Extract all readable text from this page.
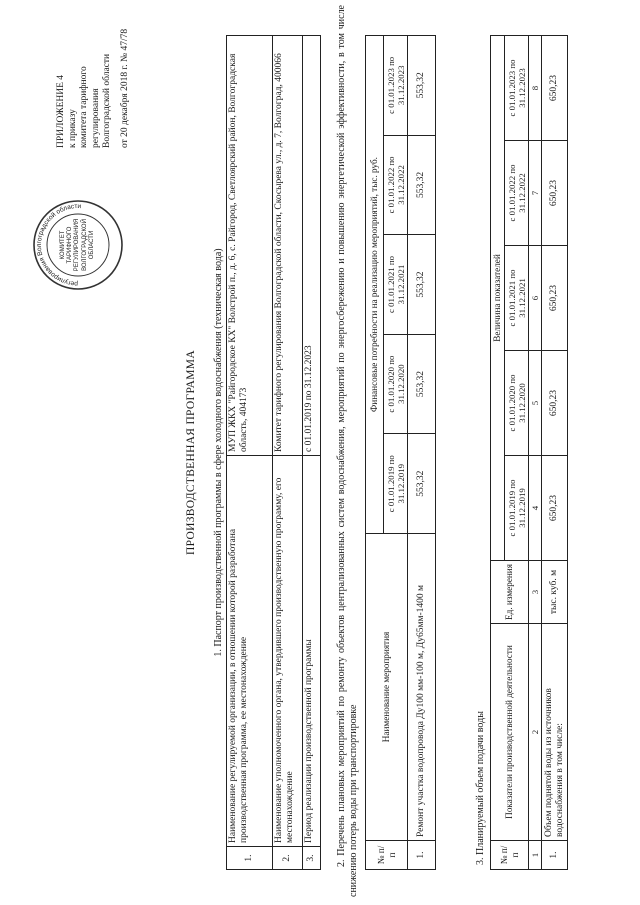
ПРИЛОЖЕНИЕ 4 к приказу комитета тарифного регулирования Волгоградской области от 20 декабря 2018 г. № 47/78
регулирования Волгоградской области
КОМИТЕТ ТАРИФНОГО РЕГУЛИРОВАНИЯ ВОЛГОГРАДСКОЙ ОБЛАСТИ
ПРОИЗВОДСТВЕННАЯ ПРОГРАММА 1. Паспорт производственной программы в сфере холодного водоснабжения (техническая вода)
1.	Наименование регулируемой организации, в отношении которой разработана производственная программа, ее местонахождение	МУП ЖКХ "Райгородское КХ" Волстрой п., д. 6, с. Райгород, Светлоярский район, Волгоградская область, 404173
2.	Наименование уполномоченного органа, утвердившего производственную программу, его местонахождение	Комитет тарифного регулирования Волгоградской области, Скосырева ул., д. 7, Волгоград, 400066
3.	Период реализации производственной программы	с 01.01.2019 по 31.12.2023 2. Перечень плановых мероприятий по ремонту объектов централизованных систем водоснабжения, мероприятий по энергосбережению и повышению энергетической эффективности, в том числе снижению потерь воды при транспортировке № п/п	Наименование мероприятия	Финансовые потребности на реализацию мероприятий, тыс. руб.				
		с 01.01.2019 по 31.12.2019	с 01.01.2020 по 31.12.2020	с 01.01.2021 по 31.12.2021	с 01.01.2022 по 31.12.2022	с 01.01.2023 по 31.12.2023
1.	Ремонт участка водопровода Ду100 мм-100 м, Ду65мм-1400 м	553,32	553,32	553,32	553,32	553,32
3. Планируемый объем подачи воды № п/п	Показатели производственной деятельности	Ед. измерения	Величина показателей				
			с 01.01.2019 по 31.12.2019	с 01.01.2020 по 31.12.2020	с 01.01.2021 по 31.12.2021	с 01.01.2022 по 31.12.2022	с 01.01.2023 по 31.12.2023
1	2	3	4	5	6	7	8
1.	Объем поднятой воды из источников водоснабжения в том числе:	тыс. куб. м	650,23	650,23	650,23	650,23	650,23
